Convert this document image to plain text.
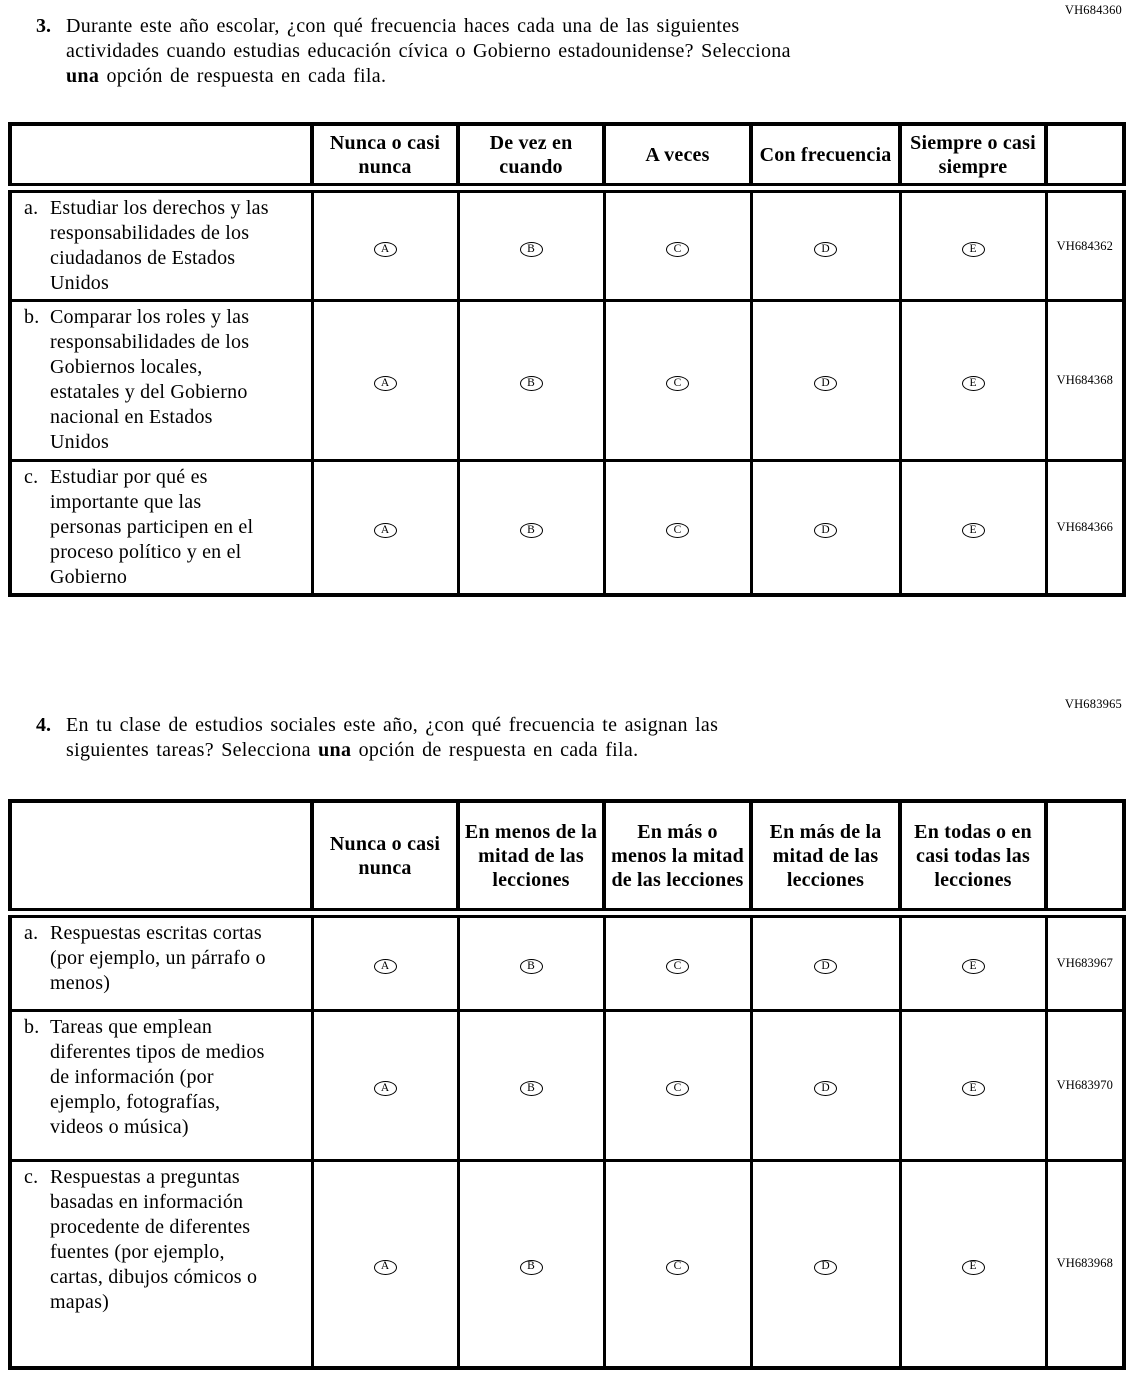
VH684360
3. Durante este año escolar, ¿con qué frecuencia haces cada una de las siguientes
actividades cuando estudias educación cívica o Gobierno estadounidense? Selecciona
una opción de respuesta en cada fila.
	Nunca o casi nunca	De vez en cuando	A veces	Con frecuencia	Siempre o casi siempre	

a. Estudiar los derechos y las responsabilidades de los ciudadanos de Estados Unidos	A	B	C	D	E	VH684362

b. Comparar los roles y las responsabilidades de los Gobiernos locales, estatales y del Gobierno nacional en Estados Unidos	A	B	C	D	E	VH684368

c. Estudiar por qué es importante que las personas participen en el proceso político y en el Gobierno	A	B	C	D	E	VH684366
VH683965
4. En tu clase de estudios sociales este año, ¿con qué frecuencia te asignan las
siguientes tareas? Selecciona una opción de respuesta en cada fila.
	Nunca o casi nunca	En menos de la mitad de las lecciones	En más o menos la mitad de las lecciones	En más de la mitad de las lecciones	En todas o en casi todas las lecciones	

a. Respuestas escritas cortas (por ejemplo, un párrafo o menos)	A	B	C	D	E	VH683967

b. Tareas que emplean diferentes tipos de medios de información (por ejemplo, fotografías, videos o música)	A	B	C	D	E	VH683970

c. Respuestas a preguntas basadas en información procedente de diferentes fuentes (por ejemplo, cartas, dibujos cómicos o mapas)	A	B	C	D	E	VH683968
